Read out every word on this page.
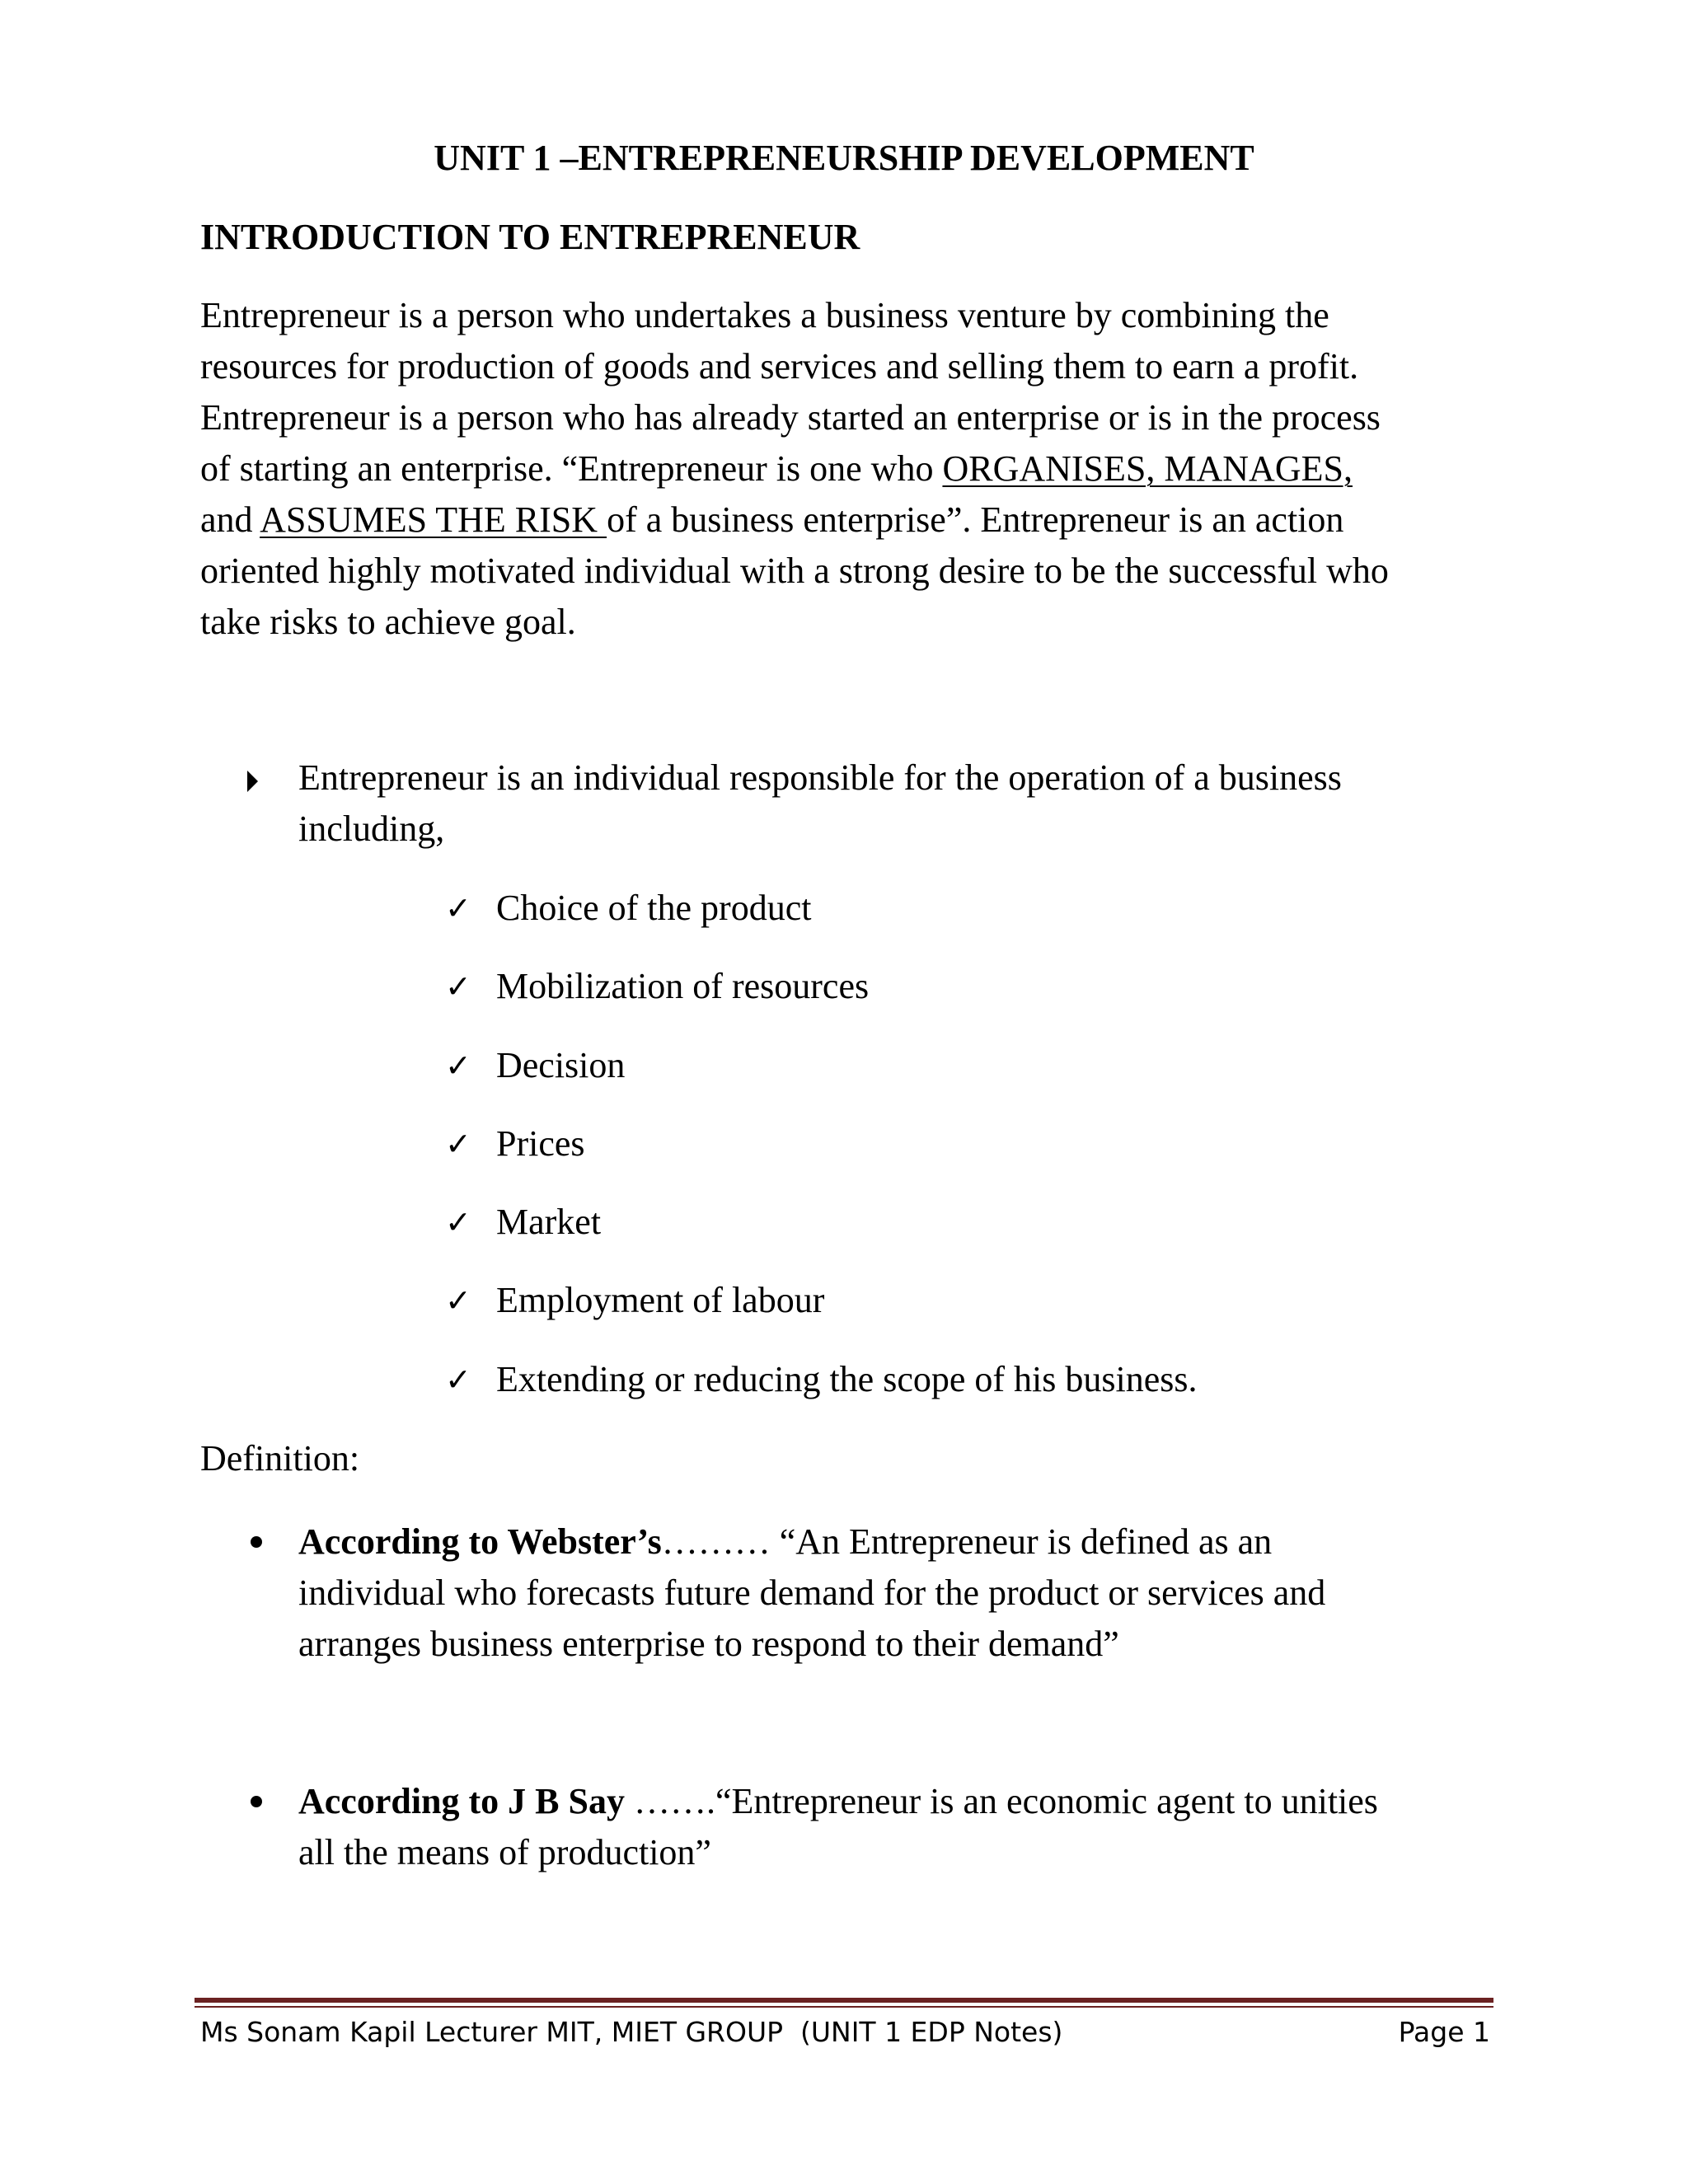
UNIT 1 –ENTREPRENEURSHIP DEVELOPMENT
INTRODUCTION TO ENTREPRENEUR

Entrepreneur is a person who undertakes a business venture by combining the
resources for production of goods and services and selling them to earn a profit.
Entrepreneur is a person who has already started an enterprise or is in the process
of starting an enterprise. “Entrepreneur is one who ORGANISES, MANAGES,
and ASSUMES THE RISK of a business enterprise”. Entrepreneur is an action
oriented highly motivated individual with a strong desire to be the successful who
take risks to achieve goal.

Entrepreneur is an individual responsible for the operation of a business
including,
✓ Choice of the product
✓ Mobilization of resources
✓ Decision
✓ Prices
✓ Market
✓ Employment of labour
✓ Extending or reducing the scope of his business.
Definition:
According to Webster’s……… “An Entrepreneur is defined as an
individual who forecasts future demand for the product or services and
arranges business enterprise to respond to their demand”
According to J B Say …….“Entrepreneur is an economic agent to unities
all the means of production”
Ms Sonam Kapil Lecturer MIT, MIET GROUP  (UNIT 1 EDP Notes)	Page 1
